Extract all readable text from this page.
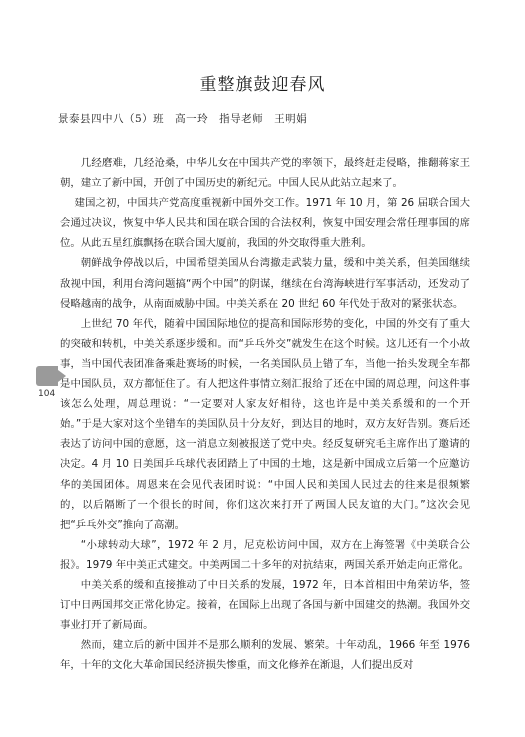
重整旗鼓迎春风
景泰县四中八（5）班　高一玲　指导老师　王明娟

几经磨难，几经沧桑，中华儿女在中国共产党的率领下，最终赶走侵略，推翻蒋家王朝，建立了新中国，开创了中国历史的新纪元。中国人民从此站立起来了。

建国之初，中国共产党高度重视新中国外交工作。1971 年 10 月，第 26 届联合国大会通过决议，恢复中华人民共和国在联合国的合法权利，恢复中国安理会常任理事国的席位。从此五星红旗飘扬在联合国大厦前，我国的外交取得重大胜利。

朝鲜战争停战以后，中国希望美国从台湾撤走武装力量，缓和中美关系，但美国继续敌视中国，利用台湾问题搞“两个中国”的阴谋，继续在台湾海峡进行军事活动，还发动了侵略越南的战争，从南面威胁中国。中美关系在 20 世纪 60 年代处于敌对的紧张状态。

上世纪 70 年代，随着中国国际地位的提高和国际形势的变化，中国的外交有了重大的突破和转机，中美关系逐步缓和。而“乒乓外交”就发生在这个时候。这儿还有一个小故事，当中国代表团准备乘赴赛场的时候，一名美国队员上错了车，当他一抬头发现全车都是中国队员，双方都怔住了。有人把这件事情立刻汇报给了还在中国的周总理，问这件事该怎么处理，周总理说：“一定要对人家友好相待，这也许是中美关系缓和的一个开始。”于是大家对这个坐错车的美国队员十分友好，到达目的地时，双方友好告别。赛后还表达了访问中国的意愿，这一消息立刻被报送了党中央。经反复研究毛主席作出了邀请的决定。4 月 10 日美国乒乓球代表团踏上了中国的土地，这是新中国成立后第一个应邀访华的美国团体。周恩来在会见代表团时说：“中国人民和美国人民过去的往来是很频繁的，以后隔断了一个很长的时间，你们这次来打开了两国人民友谊的大门。”这次会见把“乒乓外交”推向了高潮。

“小球转动大球”，1972 年 2 月，尼克松访问中国，双方在上海签署《中美联合公报》。1979 年中美正式建交。中美两国二十多年的对抗结束，两国关系开始走向正常化。

中美关系的缓和直接推动了中日关系的发展，1972 年，日本首相田中角荣访华，签订中日两国邦交正常化协定。接着，在国际上出现了各国与新中国建交的热潮。我国外交事业打开了新局面。

然而，建立后的新中国并不是那么顺利的发展、繁荣。十年动乱，1966 年至 1976 年，十年的文化大革命国民经济损失惨重，而文化修养在渐退，人们提出反对

104
